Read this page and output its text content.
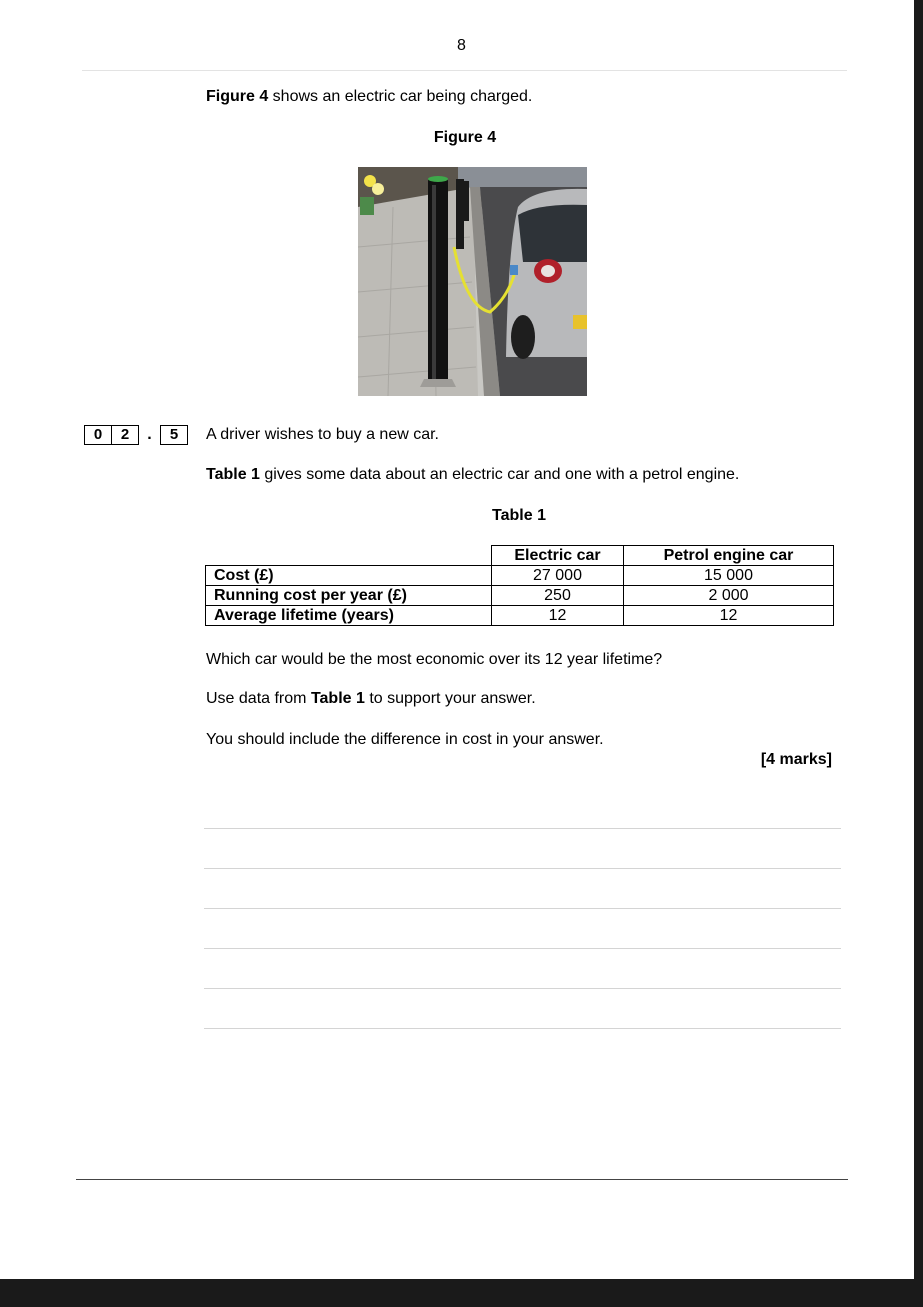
8
Figure 4 shows an electric car being charged.
Figure 4
0	2	.	5	A driver wishes to buy a new car.
Table 1 gives some data about an electric car and one with a petrol engine.
Table 1
	Electric car	Petrol engine car
Cost (£)	27 000	15 000
Running cost per year (£)	250	2 000
Average lifetime (years)	12	12
Which car would be the most economic over its 12 year lifetime?
Use data from Table 1 to support your answer.
You should include the difference in cost in your answer.
[4 marks]
